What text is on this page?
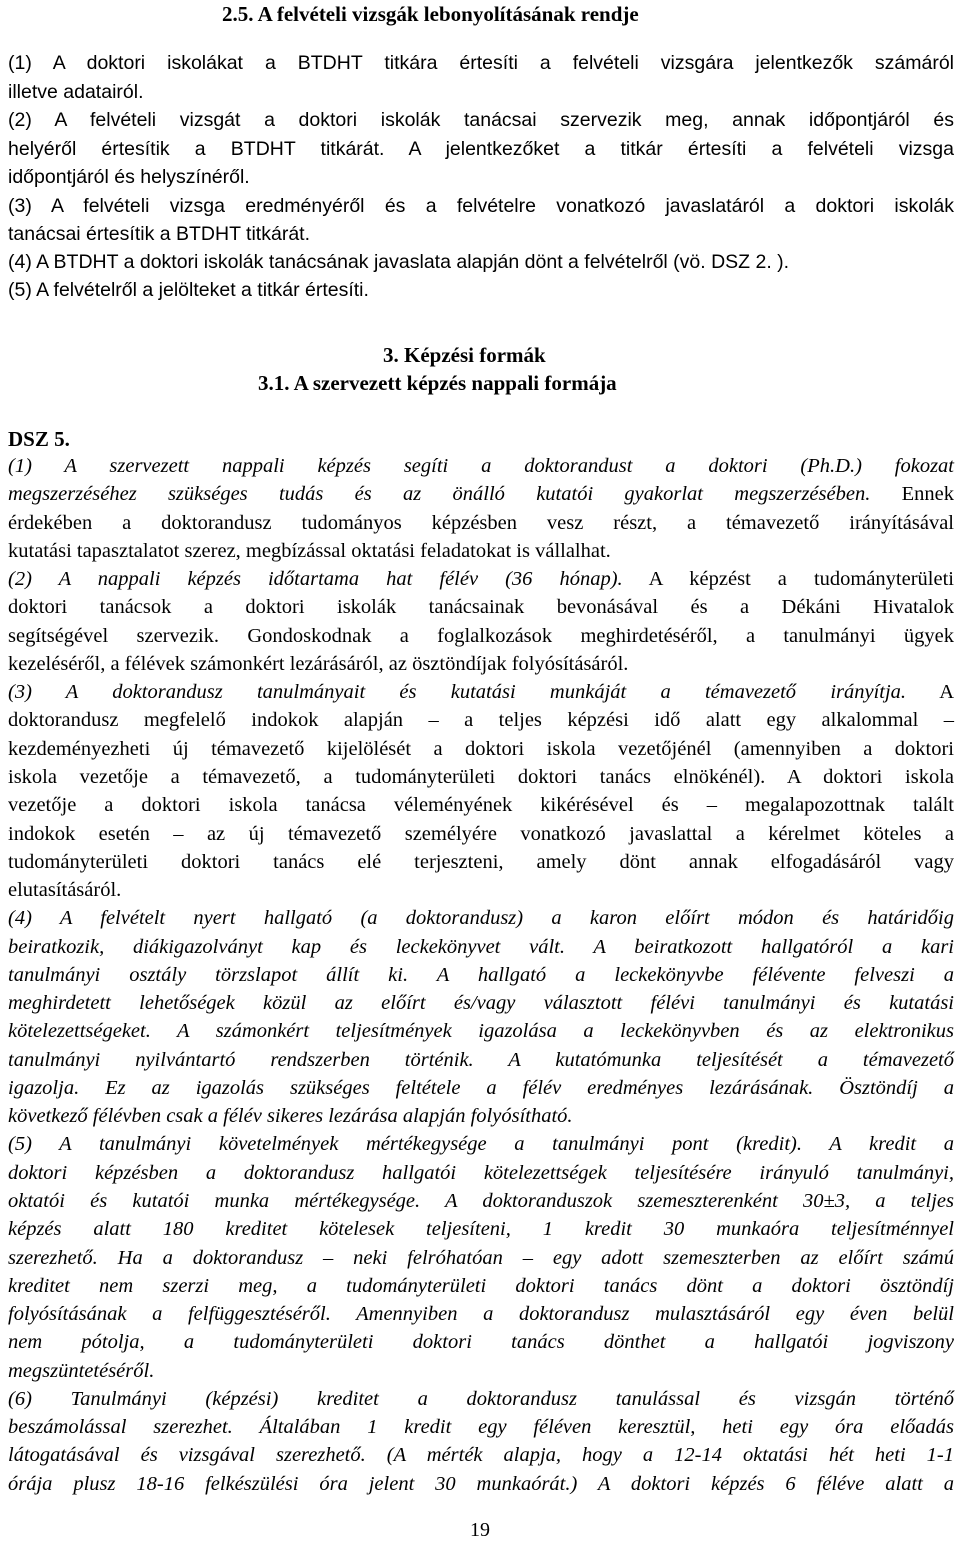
2.5. A felvételi vizsgák lebonyolításának rendje
(1) A doktori iskolákat a BTDHT titkára értesíti a felvételi vizsgára jelentkezők számáról
illetve adatairól.
(2) A felvételi vizsgát a doktori iskolák tanácsai szervezik meg, annak időpontjáról és
helyéről értesítik a BTDHT titkárát. A jelentkezőket a titkár értesíti a felvételi vizsga
időpontjáról és helyszínéről.
(3) A felvételi vizsga eredményéről és a felvételre vonatkozó javaslatáról a doktori iskolák
tanácsai értesítik a BTDHT titkárát.
(4) A BTDHT a doktori iskolák tanácsának javaslata alapján dönt a felvételről (vö. DSZ 2. ).
(5) A felvételről a jelölteket a titkár értesíti.
3. Képzési formák
3.1. A szervezett képzés nappali formája
DSZ 5.
(1) A szervezett nappali képzés segíti a doktorandust a doktori (Ph.D.) fokozat
megszerzéséhez szükséges tudás és az önálló kutatói gyakorlat megszerzésében. Ennek
érdekében a doktorandusz tudományos képzésben vesz részt, a témavezető irányításával
kutatási tapasztalatot szerez, megbízással oktatási feladatokat is vállalhat.
(2) A nappali képzés időtartama hat félév (36 hónap). A képzést a tudományterületi
doktori tanácsok a doktori iskolák tanácsainak bevonásával és a Dékáni Hivatalok
segítségével szervezik. Gondoskodnak a foglalkozások meghirdetéséről, a tanulmányi ügyek
kezeléséről, a félévek számonkért lezárásáról, az ösztöndíjak folyósításáról.
(3) A doktorandusz tanulmányait és kutatási munkáját a témavezető irányítja. A
doktorandusz megfelelő indokok alapján – a teljes képzési idő alatt egy alkalommal –
kezdeményezheti új témavezető kijelölését a doktori iskola vezetőjénél (amennyiben a doktori
iskola vezetője a témavezető, a tudományterületi doktori tanács elnökénél). A doktori iskola
vezetője a doktori iskola tanácsa véleményének kikérésével és – megalapozottnak talált
indokok esetén – az új témavezető személyére vonatkozó javaslattal a kérelmet köteles a
tudományterületi doktori tanács elé terjeszteni, amely dönt annak elfogadásáról vagy
elutasításáról.
(4) A felvételt nyert hallgató (a doktorandusz) a karon előírt módon és határidőig
beiratkozik, diákigazolványt kap és leckekönyvet vált. A beiratkozott hallgatóról a kari
tanulmányi osztály törzslapot állít ki. A hallgató a leckekönyvbe félévente felveszi a
meghirdetett lehetőségek közül az előírt és/vagy választott félévi tanulmányi és kutatási
kötelezettségeket. A számonkért teljesítmények igazolása a leckekönyvben és az elektronikus
tanulmányi nyilvántartó rendszerben történik. A kutatómunka teljesítését a témavezető
igazolja. Ez az igazolás szükséges feltétele a félév eredményes lezárásának. Ösztöndíj a
következő félévben csak a félév sikeres lezárása alapján folyósítható.
(5) A tanulmányi követelmények mértékegysége a tanulmányi pont (kredit). A kredit a
doktori képzésben a doktorandusz hallgatói kötelezettségek teljesítésére irányuló tanulmányi,
oktatói és kutatói munka mértékegysége. A doktoranduszok szemeszterenként 30±3, a teljes
képzés alatt 180 kreditet kötelesek teljesíteni, 1 kredit 30 munkaóra teljesítménnyel
szerezhető. Ha a doktorandusz – neki felróhatóan – egy adott szemeszterben az előírt számú
kreditet nem szerzi meg, a tudományterületi doktori tanács dönt a doktori ösztöndíj
folyósításának a felfüggesztéséről. Amennyiben a doktorandusz mulasztásáról egy éven belül
nem pótolja, a tudományterületi doktori tanács dönthet a hallgatói jogviszony
megszüntetéséről.
(6) Tanulmányi (képzési) kreditet a doktorandusz tanulással és vizsgán történő
beszámolással szerezhet. Általában 1 kredit egy féléven keresztül, heti egy óra előadás
látogatásával és vizsgával szerezhető. (A mérték alapja, hogy a 12-14 oktatási hét heti 1-1
órája plusz 18-16 felkészülési óra jelent 30 munkaórát.) A doktori képzés 6 féléve alatt a
19
